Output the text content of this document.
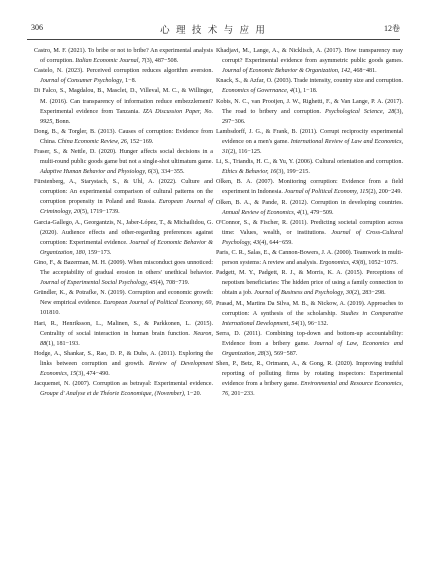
306	心 理 技 术 与 应 用	12卷

Castro, M. F. (2021). To bribe or not to bribe? An experimental analysis of corruption. Italian Economic Journal, 7(3), 487−508.

Castelo, N. (2023). Perceived corruption reduces algorithm aversion. Journal of Consumer Psychology, 1−8.

Di Falco, S., Magdalou, B., Masclet, D., Villeval, M. C., & Willinger, M. (2016). Can transparency of information reduce embezzlement? Experimental evidence from Tanzania. IZA Discussion Paper, No. 9925, Bonn.

Dong, B., & Torgler, B. (2013). Causes of corruption: Evidence from China. China Economic Review, 26, 152−169.

Fraser, S., & Nettle, D. (2020). Hunger affects social decisions in a multi-round public goods game but not a single-shot ultimatum game. Adaptive Human Behavior and Physiology, 6(3), 334−355.

Fürstenberg, A., Starystach, S., & Uhl, A. (2022). Culture and corruption: An experimental comparison of cultural patterns on the corruption propensity in Poland and Russia. European Journal of Criminology, 20(5), 1719−1739.

Garcia-Gallego, A., Georgantzis, N., Jaber-López, T., & Michailidou, G. (2020). Audience effects and other-regarding preferences against corruption: Experimental evidence. Journal of Economic Behavior & Organization, 180, 159−173.

Gino, F., & Bazerman, M. H. (2009). When misconduct goes unnoticed: The acceptability of gradual erosion in others' unethical behavior. Journal of Experimental Social Psychology, 45(4), 708−719.

Gründler, K., & Potrafke, N. (2019). Corruption and economic growth: New empirical evidence. European Journal of Political Economy, 60, 101810.

Hari, R., Henriksson, L., Malinen, S., & Parkkonen, L. (2015). Centrality of social interaction in human brain function. Neuron, 88(1), 181−193.

Hodge, A., Shankar, S., Rao, D. P., & Duhs, A. (2011). Exploring the links between corruption and growth. Review of Development Economics, 15(3), 474−490.

Jacquemet, N. (2007). Corruption as betrayal: Experimental evidence. Groupe d' Analyse et de Théorie Economique, (November), 1−20.

Khadjavi, M., Lange, A., & Nicklisch, A. (2017). How transparency may corrupt? Experimental evidence from asymmetric public goods games. Journal of Economic Behavior & Organization, 142, 468−481.

Knack, S., & Azfar, O. (2003). Trade intensity, country size and corruption. Economics of Governance, 4(1), 1−18.

Kobis, N. C., van Prooijen, J. W., Righetti, F., & Van Lange, P. A. (2017). The road to bribery and corruption. Psychological Science, 28(3), 297−306.

Lambsdorff, J. G., & Frank, B. (2011). Corrupt reciprocity experimental evidence on a men's game. International Review of Law and Economics, 31(2), 116−125.

Li, S., Triandis, H. C., & Yu, Y. (2006). Cultural orientation and corruption. Ethics & Behavior, 16(3), 199−215.

Olken, B. A. (2007). Monitoring corruption: Evidence from a field experiment in Indonesia. Journal of Political Economy, 115(2), 200−249.

Olken, B. A., & Pande, R. (2012). Corruption in developing countries. Annual Review of Economics, 4(1), 479−509.

O'Connor, S., & Fischer, R. (2011). Predicting societal corruption across time: Values, wealth, or institutions. Journal of Cross-Cultural Psychology, 43(4), 644−659.

Paris, C. R., Salas, E., & Cannon-Bowers, J. A. (2000). Teamwork in multi-person systems: A review and analysis. Ergonomics, 43(8), 1052−1075.

Padgett, M. Y., Padgett, R. J., & Morris, K. A. (2015). Perceptions of nepotism beneficiaries: The hidden price of using a family connection to obtain a job. Journal of Business and Psychology, 30(2), 283−298.

Prasad, M., Martins Da Silva, M. B., & Nickow, A. (2019). Approaches to corruption: A synthesis of the scholarship. Studies in Comparative International Development, 54(1), 96−132.

Serra, D. (2011). Combining top-down and bottom-up accountability: Evidence from a bribery game. Journal of Law, Economics and Organization, 28(3), 569−587.

Shen, P., Betz, R., Ortmann, A., & Gong, R. (2020). Improving truthful reporting of polluting firms by rotating inspectors: Experimental evidence from a bribery game. Environmental and Resource Economics, 76, 201−233.
